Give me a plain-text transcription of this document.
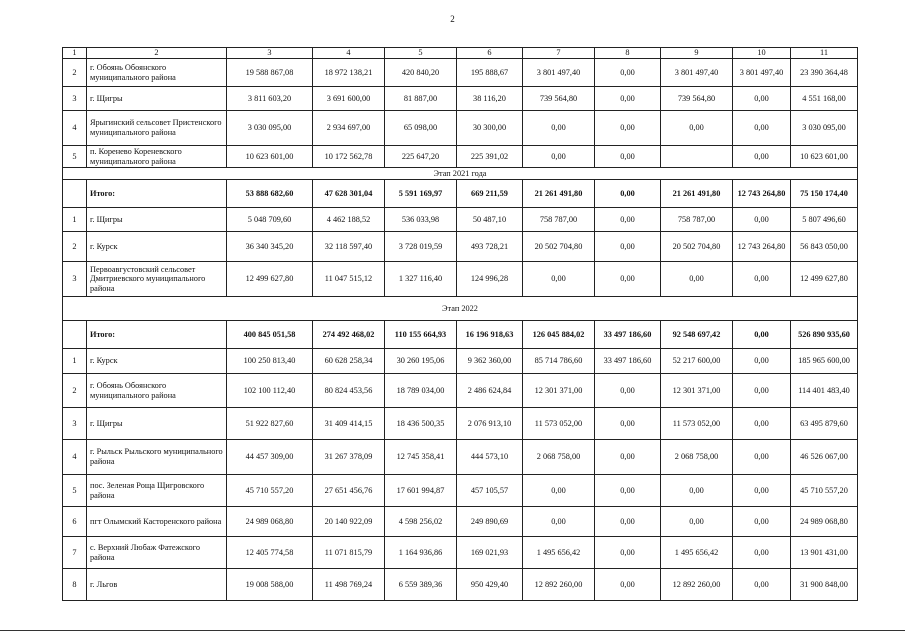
2
1	2	3	4	5	6	7	8	9	10	11
2	г. Обоянь Обоянского муниципального района	19 588 867,08	18 972 138,21	420 840,20	195 888,67	3 801 497,40	0,00	3 801 497,40	3 801 497,40	23 390 364,48
3	г. Щигры	3 811 603,20	3 691 600,00	81 887,00	38 116,20	739 564,80	0,00	739 564,80	0,00	4 551 168,00
4	Ярыгинский сельсовет Пристенского муниципального района	3 030 095,00	2 934 697,00	65 098,00	30 300,00	0,00	0,00	0,00	0,00	3 030 095,00
5	п. Коренево Кореневского муниципального района	10 623 601,00	10 172 562,78	225 647,20	225 391,02	0,00	0,00		0,00	10 623 601,00
Этап 2021 года										
	Итого:	53 888 682,60	47 628 301,04	5 591 169,97	669 211,59	21 261 491,80	0,00	21 261 491,80	12 743 264,80	75 150 174,40
1	г. Щигры	5 048 709,60	4 462 188,52	536 033,98	50 487,10	758 787,00	0,00	758 787,00	0,00	5 807 496,60
2	г. Курск	36 340 345,20	32 118 597,40	3 728 019,59	493 728,21	20 502 704,80	0,00	20 502 704,80	12 743 264,80	56 843 050,00
3	Первоавгустовский сельсовет Дмитриевского муниципального района	12 499 627,80	11 047 515,12	1 327 116,40	124 996,28	0,00	0,00	0,00	0,00	12 499 627,80
Этап 2022										
	Итого:	400 845 051,58	274 492 468,02	110 155 664,93	16 196 918,63	126 045 884,02	33 497 186,60	92 548 697,42	0,00	526 890 935,60
1	г. Курск	100 250 813,40	60 628 258,34	30 260 195,06	9 362 360,00	85 714 786,60	33 497 186,60	52 217 600,00	0,00	185 965 600,00
2	г. Обоянь Обоянского муниципального района	102 100 112,40	80 824 453,56	18 789 034,00	2 486 624,84	12 301 371,00	0,00	12 301 371,00	0,00	114 401 483,40
3	г. Щигры	51 922 827,60	31 409 414,15	18 436 500,35	2 076 913,10	11 573 052,00	0,00	11 573 052,00	0,00	63 495 879,60
4	г. Рыльск Рыльского муниципального района	44 457 309,00	31 267 378,09	12 745 358,41	444 573,10	2 068 758,00	0,00	2 068 758,00	0,00	46 526 067,00
5	пос. Зеленая Роща Щигровского района	45 710 557,20	27 651 456,76	17 601 994,87	457 105,57	0,00	0,00	0,00	0,00	45 710 557,20
6	пгт Олымский Касторенского района	24 989 068,80	20 140 922,09	4 598 256,02	249 890,69	0,00	0,00	0,00	0,00	24 989 068,80
7	с. Верхний Любаж Фатежского района	12 405 774,58	11 071 815,79	1 164 936,86	169 021,93	1 495 656,42	0,00	1 495 656,42	0,00	13 901 431,00
8	г. Льгов	19 008 588,00	11 498 769,24	6 559 389,36	950 429,40	12 892 260,00	0,00	12 892 260,00	0,00	31 900 848,00
